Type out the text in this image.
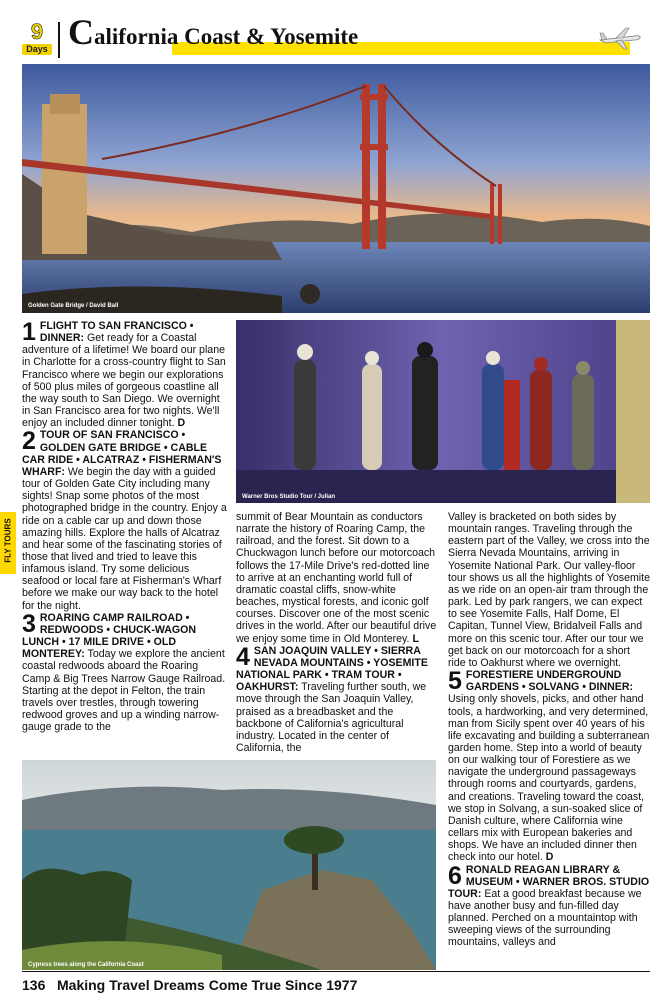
9
Days California Coast & Yosemite
Golden Gate Bridge / David Ball
Warner Bros Studio Tour / Julian
Cypress trees along the California Coast
FLY TOURS

1 FLIGHT TO SAN FRANCISCO • DINNER: Get ready for a Coastal adventure of a lifetime! We board our plane in Charlotte for a cross-country flight to San Francisco where we begin our explorations of 500 plus miles of gorgeous coastline all the way south to San Diego. We overnight in San Francisco area for two nights. We'll enjoy an included dinner tonight. D

2 TOUR OF SAN FRANCISCO • GOLDEN GATE BRIDGE • CABLE CAR RIDE • ALCATRAZ • FISHERMAN'S WHARF: We begin the day with a guided tour of Golden Gate City including many sights! Snap some photos of the most photographed bridge in the country. Enjoy a ride on a cable car up and down those amazing hills. Explore the halls of Alcatraz and hear some of the fascinating stories of those that lived and tried to leave this infamous island. Try some delicious seafood or local fare at Fisherman's Wharf before we make our way back to the hotel for the night.

3 ROARING CAMP RAILROAD • REDWOODS • CHUCK-WAGON LUNCH • 17 MILE DRIVE • OLD MONTEREY: Today we explore the ancient coastal redwoods aboard the Roaring Camp & Big Trees Narrow Gauge Railroad. Starting at the depot in Felton, the train travels over trestles, through towering redwood groves and up a winding narrow-gauge grade to the

summit of Bear Mountain as conductors narrate the history of Roaring Camp, the railroad, and the forest. Sit down to a Chuckwagon lunch before our motorcoach follows the 17-Mile Drive's red-dotted line to arrive at an enchanting world full of dramatic coastal cliffs, snow-white beaches, mystical forests, and iconic golf courses. Discover one of the most scenic drives in the world. After our beautiful drive we enjoy some time in Old Monterey. L

4 SAN JOAQUIN VALLEY • SIERRA NEVADA MOUNTAINS • YOSEMITE NATIONAL PARK • TRAM TOUR • OAKHURST: Traveling further south, we move through the San Joaquin Valley, praised as a breadbasket and the backbone of California's agricultural industry. Located in the center of California, the

Valley is bracketed on both sides by mountain ranges. Traveling through the eastern part of the Valley, we cross into the Sierra Nevada Mountains, arriving in Yosemite National Park. Our valley-floor tour shows us all the highlights of Yosemite as we ride on an open-air tram through the park. Led by park rangers, we can expect to see Yosemite Falls, Half Dome, El Capitan, Tunnel View, Bridalveil Falls and more on this scenic tour. After our tour we get back on our motorcoach for a short ride to Oakhurst where we overnight.

5 FORESTIERE UNDERGROUND GARDENS • SOLVANG • DINNER: Using only shovels, picks, and other hand tools, a hardworking, and very determined, man from Sicily spent over 40 years of his life excavating and building a subterranean garden home. Step into a world of beauty on our walking tour of Forestiere as we navigate the underground passageways through rooms and courtyards, gardens, and creations. Traveling toward the coast, we stop in Solvang, a sun-soaked slice of Danish culture, where California wine cellars mix with European bakeries and shops. We have an included dinner then check into our hotel. D

6 RONALD REAGAN LIBRARY & MUSEUM • WARNER BROS. STUDIO TOUR: Eat a good breakfast because we have another busy and fun-filled day planned. Perched on a mountaintop with sweeping views of the surrounding mountains, valleys and

136 Making Travel Dreams Come True Since 1977
